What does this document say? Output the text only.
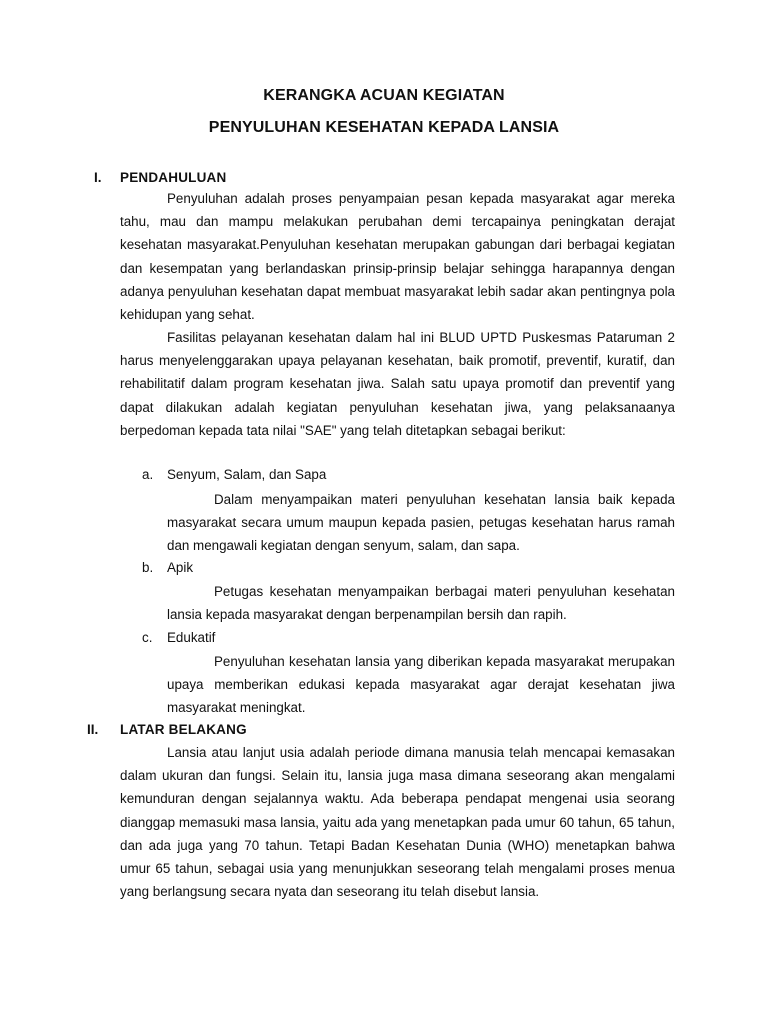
KERANGKA ACUAN KEGIATAN
PENYULUHAN KESEHATAN KEPADA LANSIA
I. PENDAHULUAN

Penyuluhan adalah proses penyampaian pesan kepada masyarakat agar mereka tahu, mau dan mampu melakukan perubahan demi tercapainya peningkatan derajat kesehatan masyarakat.Penyuluhan kesehatan merupakan gabungan dari berbagai kegiatan dan kesempatan yang berlandaskan prinsip-prinsip belajar sehingga harapannya dengan adanya penyuluhan kesehatan dapat membuat masyarakat lebih sadar akan pentingnya pola kehidupan yang sehat.

Fasilitas pelayanan kesehatan dalam hal ini BLUD UPTD Puskesmas Pataruman 2 harus menyelenggarakan upaya pelayanan kesehatan, baik promotif, preventif, kuratif, dan rehabilitatif dalam program kesehatan jiwa. Salah satu upaya promotif dan preventif yang dapat dilakukan adalah kegiatan penyuluhan kesehatan jiwa, yang pelaksanaanya berpedoman kepada tata nilai "SAE" yang telah ditetapkan sebagai berikut:

a. Senyum, Salam, dan Sapa

Dalam menyampaikan materi penyuluhan kesehatan lansia baik kepada masyarakat secara umum maupun kepada pasien, petugas kesehatan harus ramah dan mengawali kegiatan dengan senyum, salam, dan sapa.

b. Apik

Petugas kesehatan menyampaikan berbagai materi penyuluhan kesehatan lansia kepada masyarakat dengan berpenampilan bersih dan rapih.

c. Edukatif

Penyuluhan kesehatan lansia yang diberikan kepada masyarakat merupakan upaya memberikan edukasi kepada masyarakat agar derajat kesehatan jiwa masyarakat meningkat.

II. LATAR BELAKANG

Lansia atau lanjut usia adalah periode dimana manusia telah mencapai kemasakan dalam ukuran dan fungsi. Selain itu, lansia juga masa dimana seseorang akan mengalami kemunduran dengan sejalannya waktu. Ada beberapa pendapat mengenai usia seorang dianggap memasuki masa lansia, yaitu ada yang menetapkan pada umur 60 tahun, 65 tahun, dan ada juga yang 70 tahun. Tetapi Badan Kesehatan Dunia (WHO) menetapkan bahwa umur 65 tahun, sebagai usia yang menunjukkan seseorang telah mengalami proses menua yang berlangsung secara nyata dan seseorang itu telah disebut lansia.
